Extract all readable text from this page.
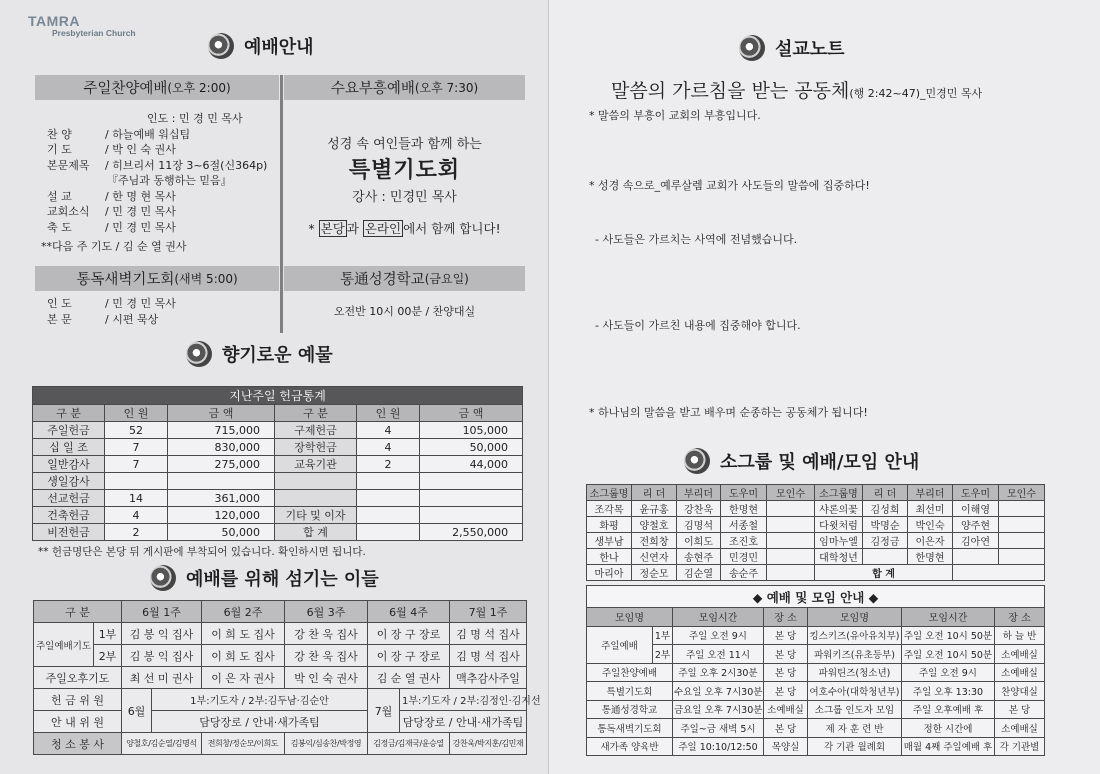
TAMRA
Presbyterian Church
예배안내
주일찬양예배 (오후 2:00)	수요부흥예배 (오후 7:30)
인도 : 민 경 민 목사
찬 양	/ 하늘예배 워십팀
기 도	/ 박 인 숙 권사
본문제목	/ 히브리서 11장 3~6절(신364p)
『주님과 동행하는 믿음』
설 교	/ 한 명 현 목사
교회소식	/ 민 경 민 목사
축 도	/ 민 경 민 목사
**다음 주 기도 / 김 순 열 권사
성경 속 여인들과 함께 하는
특별기도회
강사 : 민경민 목사
* 본당 과 온라인 에서 함께 합니다!
통독새벽기도회 (새벽 5:00)	통通성경학교 (금요일)
인 도	/ 민 경 민 목사
본 문	/ 시편 묵상
오전반 10시 00분 / 찬양대실
향기로운 예물
지난주일 헌금통계					
구 분	인 원	금 액	구 분	인 원	금 액
주일헌금	52	715,000	구제헌금	4	105,000
십 일 조	7	830,000	장학헌금	4	50,000
일반감사	7	275,000	교육기관	2	44,000
생일감사					
선교헌금	14	361,000			
건축헌금	4	120,000	기타 및 이자		
비전헌금	2	50,000	합 계		2,550,000
** 헌금명단은 본당 뒤 게시판에 부착되어 있습니다. 확인하시면 됩니다.
예배를 위해 섬기는 이들
구 분		6월 1주		6월 2주	6월 3주	6월 4주		7월 1주
주일예배기도	1부	김 봉 익 집사		이 희 도 집사	강 찬 욱 집사	이 장 구 장로		김 명 석 집사
	2부	김 봉 익 집사		이 희 도 집사	강 찬 욱 집사	이 장 구 장로		김 명 석 집사
주일오후기도		최 선 미 권사		이 은 자 권사	박 인 숙 권사	김 순 열 권사		맥추감사주일
헌 금 위 원		6월	1부:기도자 / 2부:김두남·김순안			7월	1부:기도자 / 2부:김정인·김지선	
안 내 위 원			담당장로 / 안내·새가족팀				담당장로 / 안내·새가족팀	
청 소 봉 사		양철호/김순열/김명석		전희창/정순모/이희도	김봉익/심송찬/박정영	김정금/김재국/윤승열		강찬욱/박지훈/김민재
설교노트
말씀의 가르침을 받는 공동체(행 2:42~47)_민경민 목사
* 말씀의 부흥이 교회의 부흥입니다.
* 성경 속으로_예루살렘 교회가 사도들의 말씀에 집중하다!
- 사도들은 가르치는 사역에 전념했습니다.
- 사도들이 가르친 내용에 집중해야 합니다.
* 하나님의 말씀을 받고 배우며 순종하는 공동체가 됩니다!
소그룹 및 예배/모임 안내
소그룹명	리 더	부리더	도우미	모인수	소그룹명	리 더	부리더	도우미	모인수
조각목	윤규홍	강찬욱	한명현		샤론의꽃	김성희	최선미	이해영	
화평	양철호	김명석	서종철		다윗처럼	박명순	박인숙	양주현	
생부남	전희창	이희도	조진호		임마누엘	김정금	이은자	김아연	
한나	신연자	송현주	민경민		대학청년		한명현		
마리아	정순모	김순열	송순주		합 계				
◆ 예배 및 모임 안내 ◆						
모임명		모임시간	장 소	모임명	모임시간	장 소
주일예배	1부	주일 오전 9시	본 당	킹스키즈(유아유치부)	주일 오전 10시 50분	하 늘 반
	2부	주일 오전 11시	본 당	파워키즈(유초등부)	주일 오전 10시 50분	소예배실
주일찬양예배		주일 오후 2시30분	본 당	파워틴즈(청소년)	주일 오전 9시	소예배실
특별기도회		수요일 오후 7시30분	본 당	여호수아(대학청년부)	주일 오후 13:30	찬양대실
통通성경학교		금요일 오후 7시30분	소예배실	소그룹 인도자 모임	주일 오후예배 후	본 당
통독새벽기도회		주일~금 새벽 5시	본 당	제 자 훈 련 반	정한 시간에	소예배실
새가족 양육반		주일 10:10/12:50	목양실	각 기관 월례회	매월 4째 주일예배 후	각 기관별
